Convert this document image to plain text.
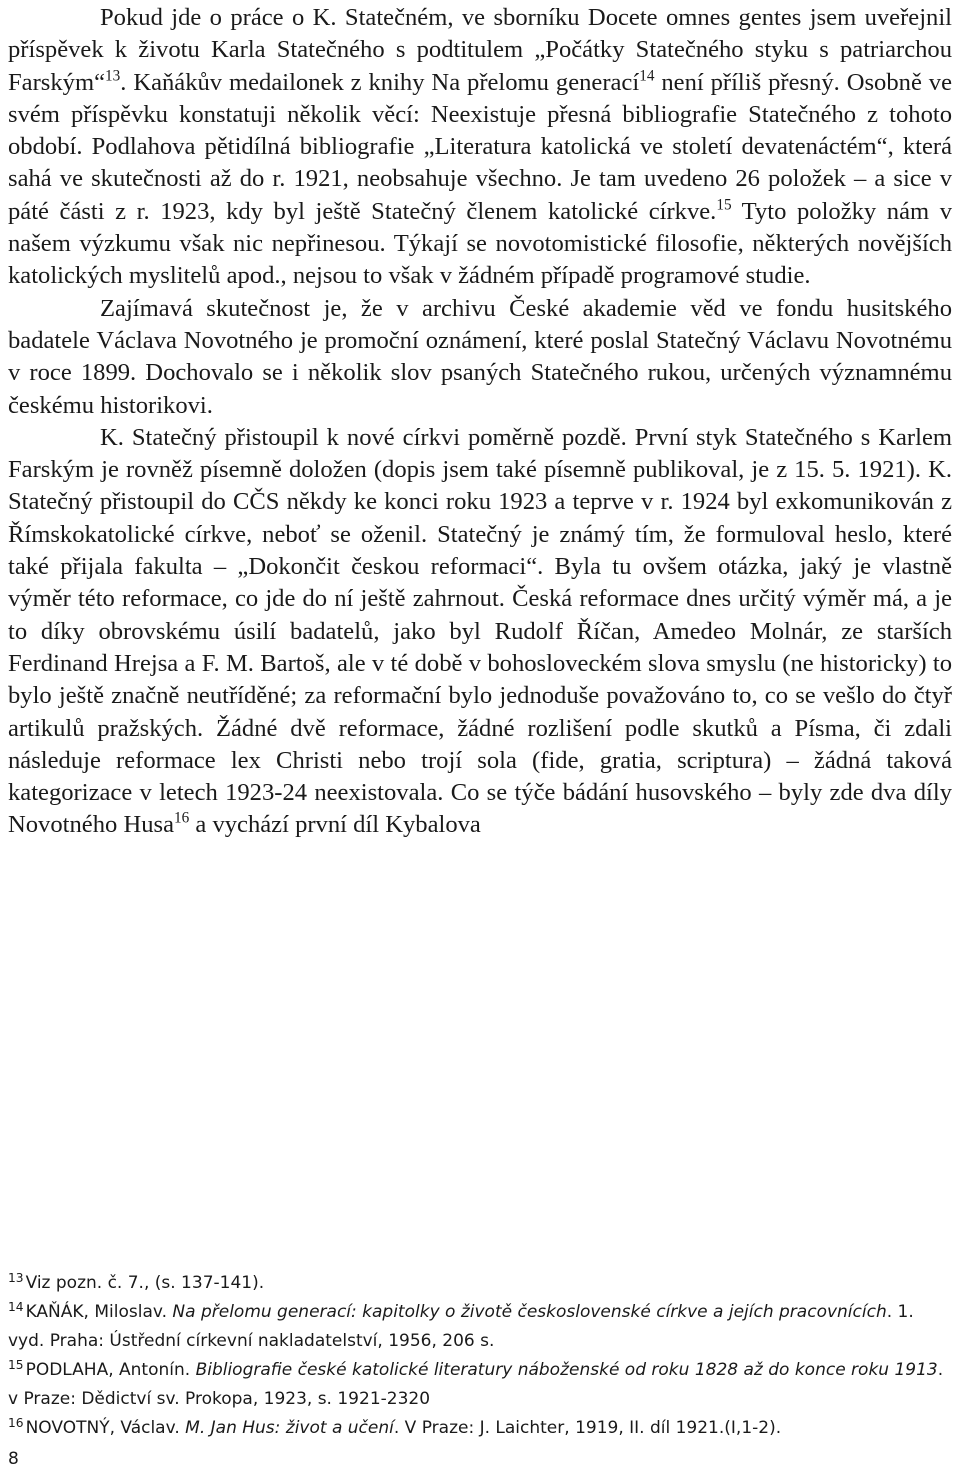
Pokud jde o práce o K. Statečném, ve sborníku Docete omnes gentes jsem uveřejnil příspěvek k životu Karla Statečného s podtitulem „Počátky Statečného styku s patriarchou Farským“$^{13}$. Kaňákův medailonek z knihy Na přelomu generací$^{14}$ není příliš přesný. Osobně ve svém příspěvku konstatuji několik věcí: Neexistuje přesná bibliografie Statečného z tohoto období. Podlahova pětidílná bibliografie „Literatura katolická ve století devatenáctém“, která sahá ve skutečnosti až do r. 1921, neobsahuje všechno. Je tam uvedeno 26 položek – a sice v páté části z r. 1923, kdy byl ještě Statečný členem katolické církve.$^{15}$ Tyto položky nám v našem výzkumu však nic nepřinesou. Týkají se novotomistické filosofie, některých novějších katolických myslitelů apod., nejsou to však v žádném případě programové studie.

Zajímavá skutečnost je, že v archivu České akademie věd ve fondu husitského badatele Václava Novotného je promoční oznámení, které poslal Statečný Václavu Novotnému v roce 1899. Dochovalo se i několik slov psaných Statečného rukou, určených významnému českému historikovi.

K. Statečný přistoupil k nové církvi poměrně pozdě. První styk Statečného s Karlem Farským je rovněž písemně doložen (dopis jsem také písemně publikoval, je z 15. 5. 1921). K. Statečný přistoupil do CČS někdy ke konci roku 1923 a teprve v r. 1924 byl exkomunikován z Římskokatolické církve, neboť se oženil. Statečný je známý tím, že formuloval heslo, které také přijala fakulta – „Dokončit českou reformaci“. Byla tu ovšem otázka, jaký je vlastně výměr této reformace, co jde do ní ještě zahrnout. Česká reformace dnes určitý výměr má, a je to díky obrovskému úsilí badatelů, jako byl Rudolf Říčan, Amedeo Molnár, ze starších Ferdinand Hrejsa a F. M. Bartoš, ale v té době v bohosloveckém slova smyslu (ne historicky) to bylo ještě značně neutříděné; za reformační bylo jednoduše považováno to, co se vešlo do čtyř artikulů pražských. Žádné dvě reformace, žádné rozlišení podle skutků a Písma, či zdali následuje reformace lex Christi nebo trojí sola (fide, gratia, scriptura) – žádná taková kategorizace v letech 1923-24 neexistovala. Co se týče bádání husovského – byly zde dva díly Novotného Husa$^{16}$ a vychází první díl Kybalova

$^{13}$ Viz pozn. č. 7., (s. 137-141).
$^{14}$ KAŇÁK, Miloslav. Na přelomu generací: kapitolky o životě československé církve a jejích pracovnících. 1. vyd. Praha: Ústřední církevní nakladatelství, 1956, 206 s.
$^{15}$ PODLAHA, Antonín. Bibliografie české katolické literatury náboženské od roku 1828 až do konce roku 1913. v Praze: Dědictví sv. Prokopa, 1923, s. 1921-2320
$^{16}$ NOVOTNÝ, Václav. M. Jan Hus: život a učení. V Praze: J. Laichter, 1919, II. díl 1921.(I,1-2).
8
